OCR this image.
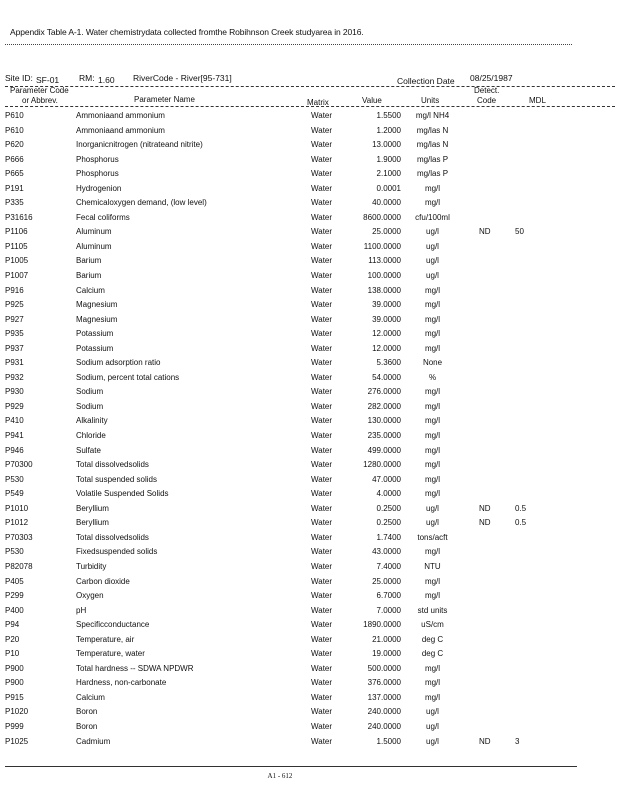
Appendix Table A-1. Water chemistrydata collected fromthe Robihnson Creek studyarea in 2016.
Site ID: SF-01 RM: 1.60 RiverCode - River[95-731]	Collection Date 08/25/1987
Parameter Code
or Abbrev.	Parameter Name	Matrix	Value	Units
Detect.
Code	MDL
P610	Ammoniaand ammonium	Water	1.5500	mg/l NH4
P610	Ammoniaand ammonium	Water	1.2000	mg/las N
P620	Inorganicnitrogen (nitrateand nitrite)	Water	13.0000	mg/las N
P666	Phosphorus	Water	1.9000	mg/las P
P665	Phosphorus	Water	2.1000	mg/las P
P191	Hydrogenion	Water	0.0001	mg/l
P335	Chemicaloxygen demand, (low level)	Water	40.0000	mg/l
P31616	Fecal coliforms	Water	8600.0000	cfu/100ml
P1106	Aluminum	Water	25.0000	ug/l	ND	50
P1105	Aluminum	Water	1100.0000	ug/l
P1005	Barium	Water	113.0000	ug/l
P1007	Barium	Water	100.0000	ug/l
P916	Calcium	Water	138.0000	mg/l
P925	Magnesium	Water	39.0000	mg/l
P927	Magnesium	Water	39.0000	mg/l
P935	Potassium	Water	12.0000	mg/l
P937	Potassium	Water	12.0000	mg/l
P931	Sodium adsorption ratio	Water	5.3600	None
P932	Sodium, percent total cations	Water	54.0000	%
P930	Sodium	Water	276.0000	mg/l
P929	Sodium	Water	282.0000	mg/l
P410	Alkalinity	Water	130.0000	mg/l
P941	Chloride	Water	235.0000	mg/l
P946	Sulfate	Water	499.0000	mg/l
P70300	Total dissolvedsolids	Water	1280.0000	mg/l
P530	Total suspended solids	Water	47.0000	mg/l
P549	Volatile Suspended Solids	Water	4.0000	mg/l
P1010	Beryllium	Water	0.2500	ug/l	ND	0.5
P1012	Beryllium	Water	0.2500	ug/l	ND	0.5
P70303	Total dissolvedsolids	Water	1.7400	tons/acft
P530	Fixedsuspended solids	Water	43.0000	mg/l
P82078	Turbidity	Water	7.4000	NTU
P405	Carbon dioxide	Water	25.0000	mg/l
P299	Oxygen	Water	6.7000	mg/l
P400	pH	Water	7.0000	std units
P94	Specificconductance	Water	1890.0000	uS/cm
P20	Temperature, air	Water	21.0000	deg C
P10	Temperature, water	Water	19.0000	deg C
P900	Total hardness -- SDWA NPDWR	Water	500.0000	mg/l
P900	Hardness, non-carbonate	Water	376.0000	mg/l
P915	Calcium	Water	137.0000	mg/l
P1020	Boron	Water	240.0000	ug/l
P999	Boron	Water	240.0000	ug/l
P1025	Cadmium	Water	1.5000	ug/l	ND	3
A1 - 612
